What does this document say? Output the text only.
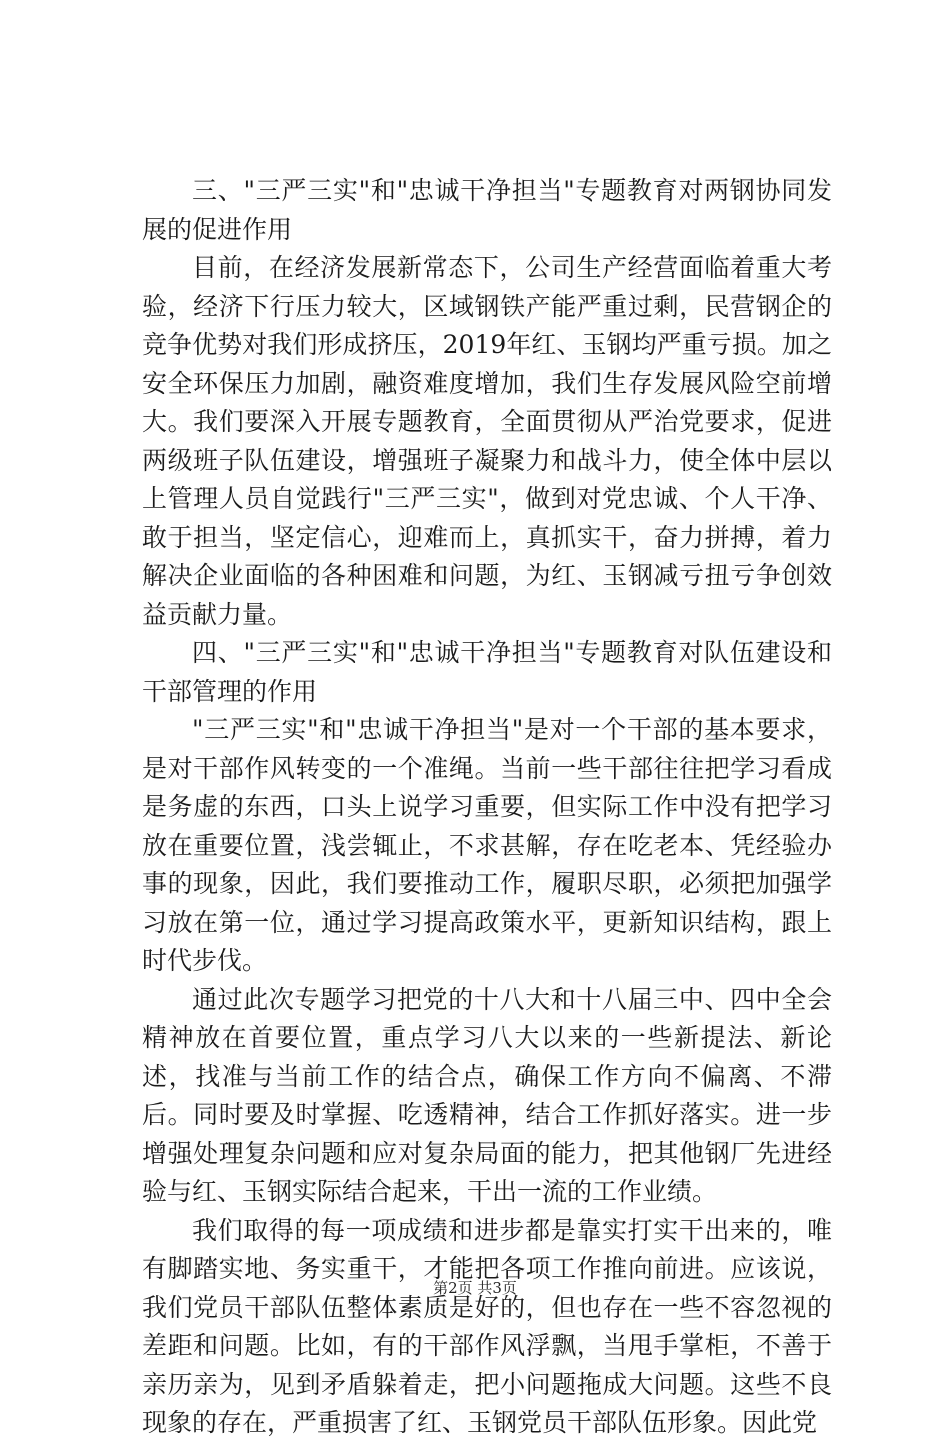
三、"三严三实"和"忠诚干净担当"专题教育对两钢协同发展的促进作用

目前，在经济发展新常态下，公司生产经营面临着重大考验，经济下行压力较大，区域钢铁产能严重过剩，民营钢企的竞争优势对我们形成挤压，2019年红、玉钢均严重亏损。加之安全环保压力加剧，融资难度增加，我们生存发展风险空前增大。我们要深入开展专题教育，全面贯彻从严治党要求，促进两级班子队伍建设，增强班子凝聚力和战斗力，使全体中层以上管理人员自觉践行"三严三实"，做到对党忠诚、个人干净、敢于担当，坚定信心，迎难而上，真抓实干，奋力拼搏，着力解决企业面临的各种困难和问题，为红、玉钢减亏扭亏争创效益贡献力量。

四、"三严三实"和"忠诚干净担当"专题教育对队伍建设和干部管理的作用

"三严三实"和"忠诚干净担当"是对一个干部的基本要求，是对干部作风转变的一个准绳。当前一些干部往往把学习看成是务虚的东西，口头上说学习重要，但实际工作中没有把学习放在重要位置，浅尝辄止，不求甚解，存在吃老本、凭经验办事的现象，因此，我们要推动工作，履职尽职，必须把加强学习放在第一位，通过学习提高政策水平，更新知识结构，跟上时代步伐。

通过此次专题学习把党的十八大和十八届三中、四中全会精神放在首要位置，重点学习八大以来的一些新提法、新论述，找准与当前工作的结合点，确保工作方向不偏离、不滞后。同时要及时掌握、吃透精神，结合工作抓好落实。进一步增强处理复杂问题和应对复杂局面的能力，把其他钢厂先进经验与红、玉钢实际结合起来，干出一流的工作业绩。

我们取得的每一项成绩和进步都是靠实打实干出来的，唯有脚踏实地、务实重干，才能把各项工作推向前进。应该说，我们党员干部队伍整体素质是好的，但也存在一些不容忽视的差距和问题。比如，有的干部作风浮飘，当甩手掌柜，不善于亲历亲为，见到矛盾躲着走，把小问题拖成大问题。这些不良现象的存在，严重损害了红、玉钢党员干部队伍形象。因此党

第2页 共3页
